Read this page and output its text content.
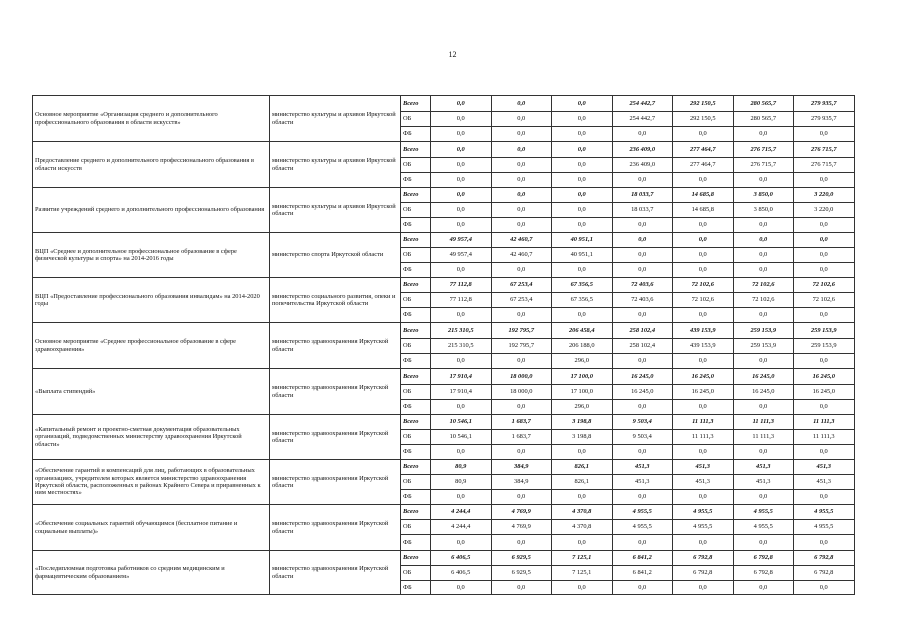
12
Основное мероприятие «Организация среднего и дополнительного профессионального образования в области искусств»	министерство культуры и архивов Иркутской области	Всего	0,0	0,0	0,0	254 442,7	292 150,5	280 565,7	279 935,7
		ОБ	0,0	0,0	0,0	254 442,7	292 150,5	280 565,7	279 935,7
		ФБ	0,0	0,0	0,0	0,0	0,0	0,0	0,0
Предоставление среднего и дополнительного профессионального образования в области искусств	министерство культуры и архивов Иркутской области	Всего	0,0	0,0	0,0	236 409,0	277 464,7	276 715,7	276 715,7
		ОБ	0,0	0,0	0,0	236 409,0	277 464,7	276 715,7	276 715,7
		ФБ	0,0	0,0	0,0	0,0	0,0	0,0	0,0
Развитие учреждений среднего и дополнительного профессионального образования	министерство культуры и архивов Иркутской области	Всего	0,0	0,0	0,0	18 033,7	14 685,8	3 850,0	3 220,0
		ОБ	0,0	0,0	0,0	18 033,7	14 685,8	3 850,0	3 220,0
		ФБ	0,0	0,0	0,0	0,0	0,0	0,0	0,0
ВЦП «Среднее и дополнительное профессиональное образование в сфере физической культуры и спорта» на 2014-2016 годы	министерство спорта Иркутской области	Всего	49 957,4	42 460,7	40 951,1	0,0	0,0	0,0	0,0
		ОБ	49 957,4	42 460,7	40 951,1	0,0	0,0	0,0	0,0
		ФБ	0,0	0,0	0,0	0,0	0,0	0,0	0,0
ВЦП «Предоставление профессионального образования инвалидам» на 2014-2020 годы	министерство социального развития, опеки и попечительства Иркутской области	Всего	77 112,8	67 253,4	67 356,5	72 403,6	72 102,6	72 102,6	72 102,6
		ОБ	77 112,8	67 253,4	67 356,5	72 403,6	72 102,6	72 102,6	72 102,6
		ФБ	0,0	0,0	0,0	0,0	0,0	0,0	0,0
Основное мероприятие «Среднее профессиональное образование в сфере здравоохранения»	министерство здравоохранения Иркутской области	Всего	215 310,5	192 795,7	206 458,4	258 102,4	439 153,9	259 153,9	259 153,9
		ОБ	215 310,5	192 795,7	206 188,0	258 102,4	439 153,9	259 153,9	259 153,9
		ФБ	0,0	0,0	296,0	0,0	0,0	0,0	0,0
«Выплата стипендий»	министерство здравоохранения Иркутской области	Всего	17 910,4	18 000,0	17 100,0	16 245,0	16 245,0	16 245,0	16 245,0
		ОБ	17 910,4	18 000,0	17 100,0	16 245,0	16 245,0	16 245,0	16 245,0
		ФБ	0,0	0,0	296,0	0,0	0,0	0,0	0,0
«Капитальный ремонт и проектно-сметная документация образовательных организаций, подведомственных министерству здравоохранения Иркутской области»	министерство здравоохранения Иркутской области	Всего	10 546,1	1 683,7	3 198,8	9 503,4	11 111,3	11 111,3	11 111,3
		ОБ	10 546,1	1 683,7	3 198,8	9 503,4	11 111,3	11 111,3	11 111,3
		ФБ	0,0	0,0	0,0	0,0	0,0	0,0	0,0
«Обеспечение гарантий и компенсаций для лиц, работающих в образовательных организациях, учредителем которых является министерство здравоохранения Иркутской области, расположенных в районах Крайнего Севера и приравненных к ним местностях»	министерство здравоохранения Иркутской области	Всего	80,9	384,9	826,1	451,3	451,3	451,3	451,3
		ОБ	80,9	384,9	826,1	451,3	451,3	451,3	451,3
		ФБ	0,0	0,0	0,0	0,0	0,0	0,0	0,0
«Обеспечение социальных гарантий обучающимся (бесплатное питание и социальные выплаты)»	министерство здравоохранения Иркутской области	Всего	4 244,4	4 769,9	4 370,8	4 955,5	4 955,5	4 955,5	4 955,5
		ОБ	4 244,4	4 769,9	4 370,8	4 955,5	4 955,5	4 955,5	4 955,5
		ФБ	0,0	0,0	0,0	0,0	0,0	0,0	0,0
«Последипломная подготовка работников со средним медицинским и фармацевтическим образованием»	министерство здравоохранения Иркутской области	Всего	6 406,5	6 929,5	7 125,1	6 841,2	6 792,8	6 792,8	6 792,8
		ОБ	6 406,5	6 929,5	7 125,1	6 841,2	6 792,8	6 792,8	6 792,8
		ФБ	0,0	0,0	0,0	0,0	0,0	0,0	0,0
